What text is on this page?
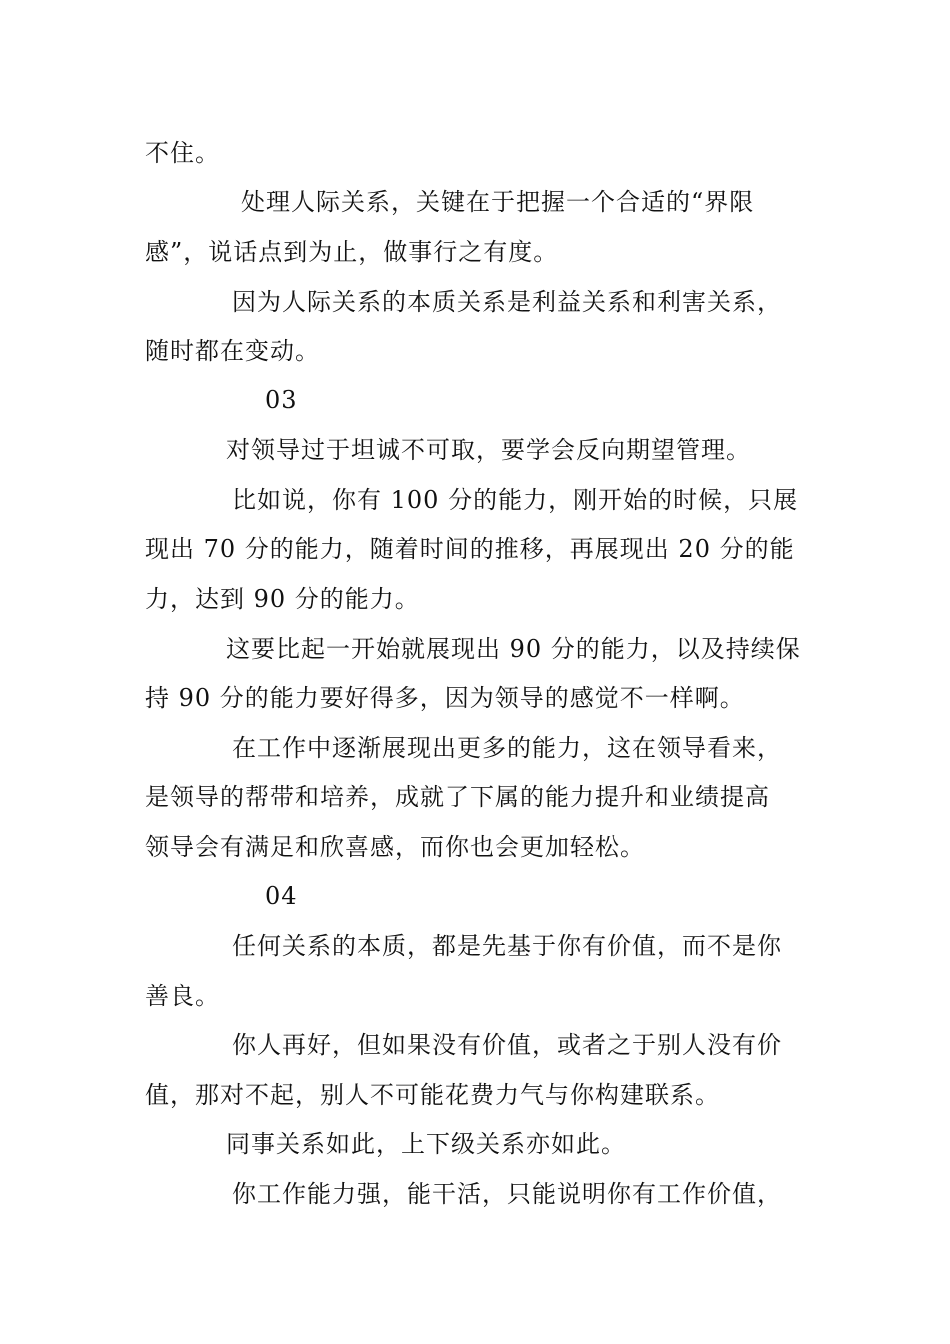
不住。
处理人际关系，关键在于把握一个合适的“界限
感”，说话点到为止，做事行之有度。
因为人际关系的本质关系是利益关系和利害关系，
随时都在变动。
03
对领导过于坦诚不可取，要学会反向期望管理。
比如说，你有 100 分的能力，刚开始的时候，只展
现出 70 分的能力，随着时间的推移，再展现出 20 分的能
力，达到 90 分的能力。
这要比起一开始就展现出 90 分的能力，以及持续保
持 90 分的能力要好得多，因为领导的感觉不一样啊。
在工作中逐渐展现出更多的能力，这在领导看来，
是领导的帮带和培养，成就了下属的能力提升和业绩提高
领导会有满足和欣喜感，而你也会更加轻松。
04
任何关系的本质，都是先基于你有价值，而不是你
善良。
你人再好，但如果没有价值，或者之于别人没有价
值，那对不起，别人不可能花费力气与你构建联系。
同事关系如此，上下级关系亦如此。
你工作能力强，能干活，只能说明你有工作价值，
